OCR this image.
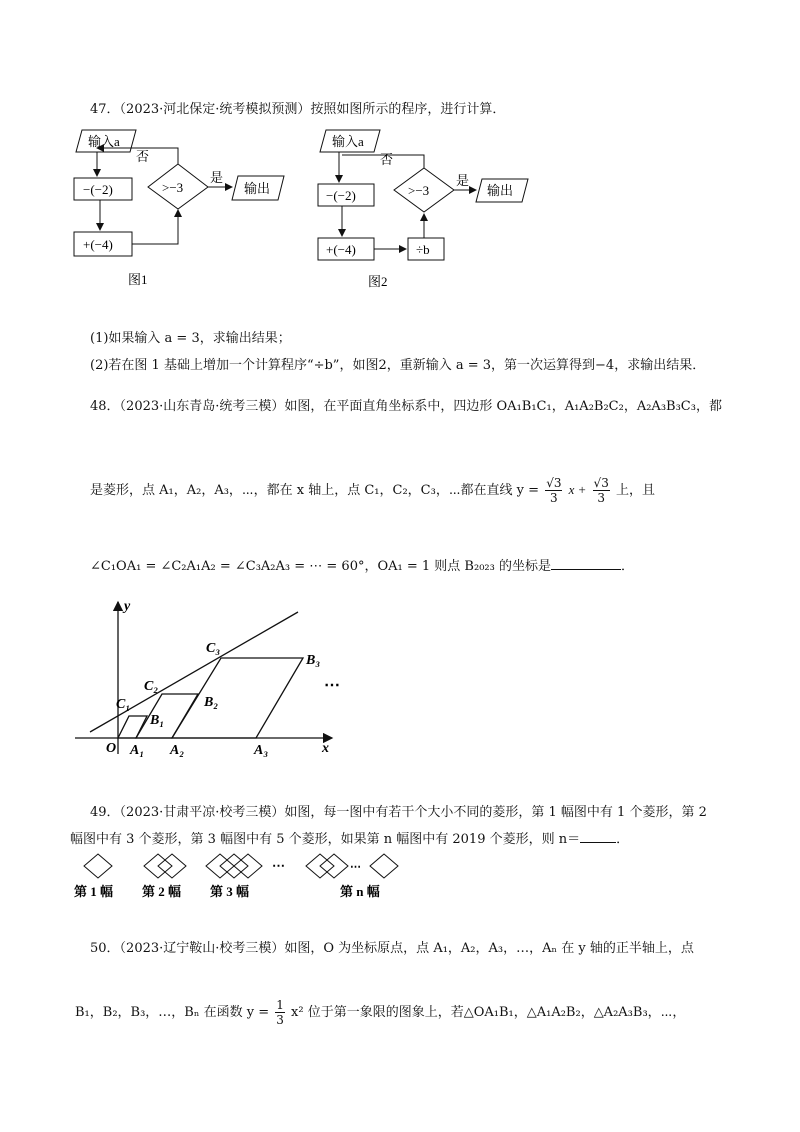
47．（2023·河北保定·统考模拟预测）按照如图所示的程序，进行计算．
输入a
−(−2)
+(−4)
>−3
否
是
输出
图1
输入a
−(−2)
+(−4)	÷b
>−3
否
是
输出
图2
(1)如果输入 a = 3，求输出结果；
(2)若在图 1 基础上增加一个计算程序“÷b”，如图2，重新输入 a = 3，第一次运算得到−4，求输出结果．
48．（2023·山东青岛·统考三模）如图，在平面直角坐标系中，四边形 OA₁B₁C₁，A₁A₂B₂C₂，A₂A₃B₃C₃，都
是菱形，点 A₁，A₂，A₃，⋯，都在 x 轴上，点 C₁，C₂，C₃，⋯都在直线 $y = \frac{√3}{3}$ $x + \frac{√3}{3}$ 上，且
∠C₁OA₁ = ∠C₂A₁A₂ = ∠C₃A₂A₃ = ⋯ = 60°，OA₁ = 1 则点 B₂₀₂₃ 的坐标是	．
y
x
O A₁ A₂	A₃
B₁
B₂
B₃
C₁
C₂
C₃
⋯
49．（2023·甘肃平凉·校考三模）如图，每一图中有若干个大小不同的菱形，第 1 幅图中有 1 个菱形，第 2
幅图中有 3 个菱形，第 3 幅图中有 5 个菱形，如果第 n 幅图中有 2019 个菱形，则 n＝	．
⋯	⋯
第 1 幅 第 2 幅 第 3 幅	第 n 幅
50．（2023·辽宁鞍山·校考三模）如图，O 为坐标原点，点 A₁，A₂，A₃，…，Aₙ 在 y 轴的正半轴上，点
B₁，B₂，B₃，…，Bₙ 在函数 $y = \frac{1}{3} x^2$ 位于第一象限的图象上，若△OA₁B₁，△A₁A₂B₂，△A₂A₃B₃，⋯，
